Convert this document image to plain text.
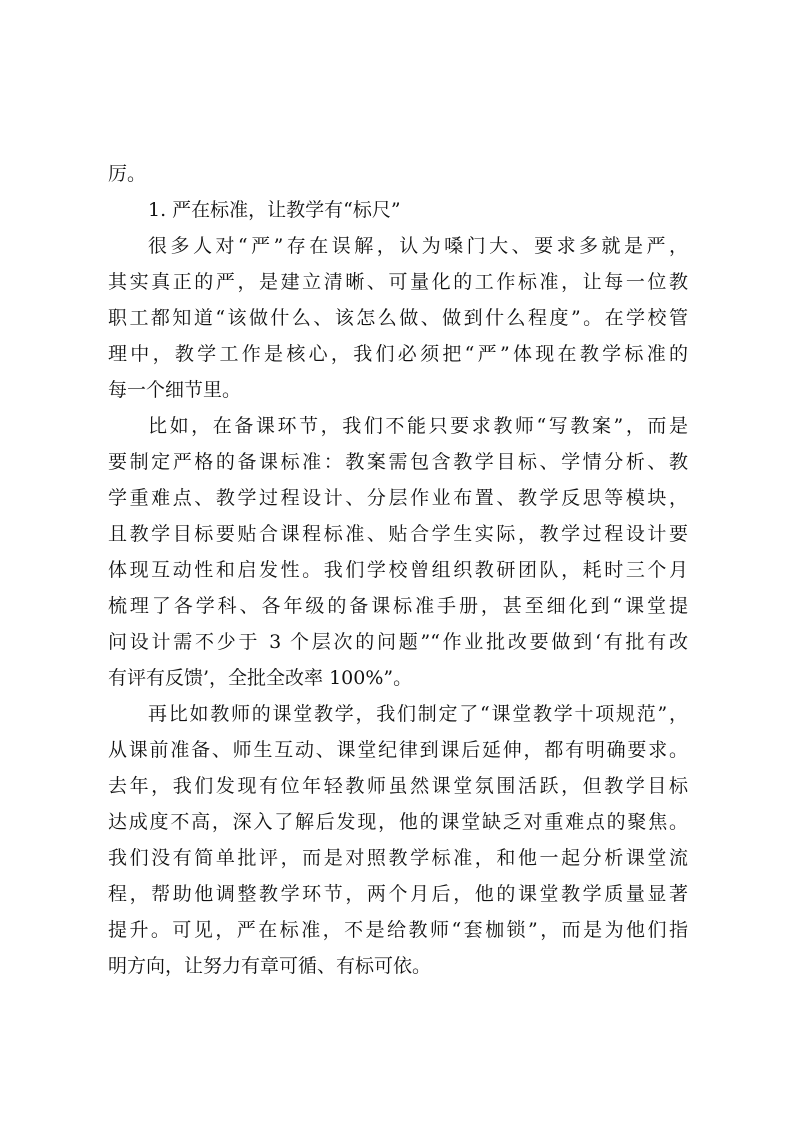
厉。
1. 严在标准，让教学有“标尺”
很多人对“严”存在误解，认为嗓门大、要求多就是严，
其实真正的严，是建立清晰、可量化的工作标准，让每一位教
职工都知道“该做什么、该怎么做、做到什么程度”。在学校管
理中，教学工作是核心，我们必须把“严”体现在教学标准的
每一个细节里。
比如，在备课环节，我们不能只要求教师“写教案”，而是
要制定严格的备课标准：教案需包含教学目标、学情分析、教
学重难点、教学过程设计、分层作业布置、教学反思等模块，
且教学目标要贴合课程标准、贴合学生实际，教学过程设计要
体现互动性和启发性。我们学校曾组织教研团队，耗时三个月
梳理了各学科、各年级的备课标准手册，甚至细化到“课堂提
问设计需不少于 3 个层次的问题”“作业批改要做到‘有批有改
有评有反馈’，全批全改率 100%”。
再比如教师的课堂教学，我们制定了“课堂教学十项规范”，
从课前准备、师生互动、课堂纪律到课后延伸，都有明确要求。
去年，我们发现有位年轻教师虽然课堂氛围活跃，但教学目标
达成度不高，深入了解后发现，他的课堂缺乏对重难点的聚焦。
我们没有简单批评，而是对照教学标准，和他一起分析课堂流
程，帮助他调整教学环节，两个月后，他的课堂教学质量显著
提升。可见，严在标准，不是给教师“套枷锁”，而是为他们指
明方向，让努力有章可循、有标可依。
